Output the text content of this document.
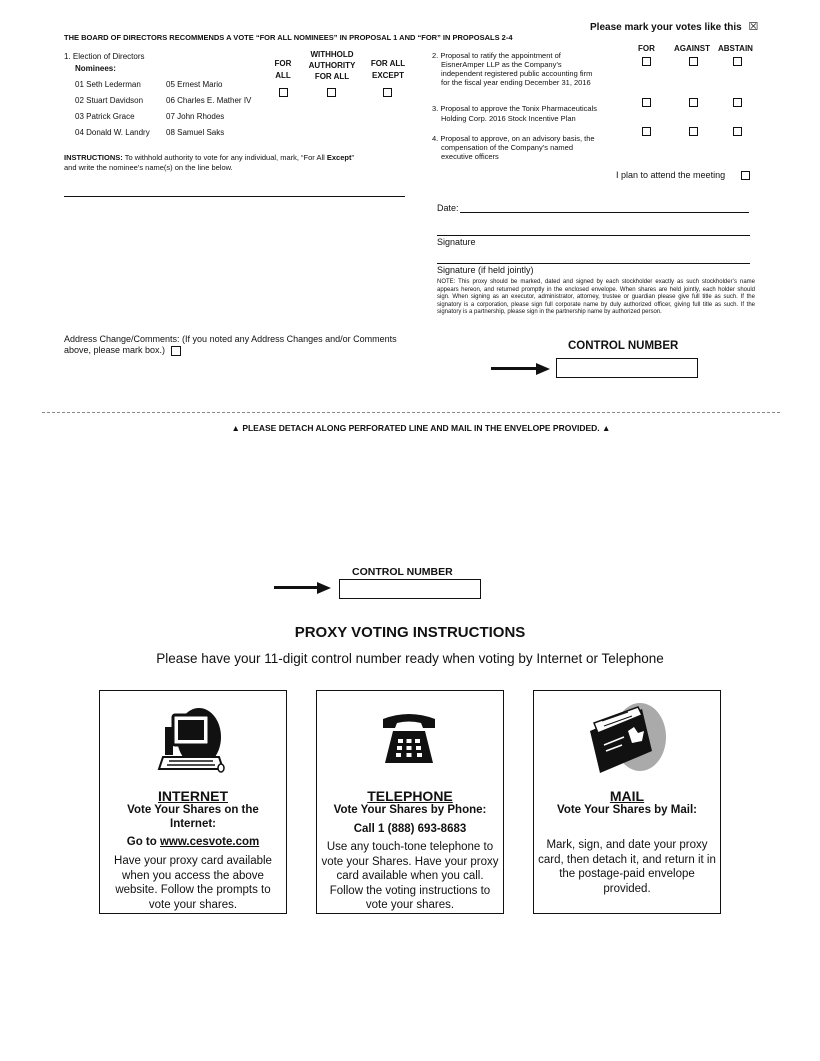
THE BOARD OF DIRECTORS RECOMMENDS A VOTE “FOR ALL NOMINEES” IN PROPOSAL 1 AND “FOR” IN PROPOSALS 2-4
Please mark your votes like this ☒
1. Election of Directors
Nominees:
01 Seth Lederman
02 Stuart Davidson
03 Patrick Grace
04 Donald W. Landry
05 Ernest Mario
06 Charles E. Mather IV
07 John Rhodes
08 Samuel Saks
FOR
ALL
WITHHOLD
AUTHORITY
FOR ALL
FOR ALL
EXCEPT
INSTRUCTIONS: To withhold authority to vote for any individual, mark, “For All Except”
and write the nominee’s name(s) on the line below.
FOR AGAINST ABSTAIN
2. Proposal to ratify the appointment of
EisnerAmper LLP as the Company’s
independent registered public accounting firm
for the fiscal year ending December 31, 2016
3. Proposal to approve the Tonix Pharmaceuticals
Holding Corp. 2016 Stock Incentive Plan
4. Proposal to approve, on an advisory basis, the
compensation of the Company’s named
executive officers
I plan to attend the meeting
Date:
Signature
Signature (if held jointly)
NOTE: This proxy should be marked, dated and signed by each stockholder exactly as such stockholder’s name appears hereon, and returned promptly in the enclosed envelope. When shares are held jointly, each holder should sign. When signing as an executor, administrator, attorney, trustee or guardian please give full title as such. If the signatory is a corporation, please sign full corporate name by duly authorized officer, giving full title as such. If the signatory is a partnership, please sign in the partnership name by authorized person.
Address Change/Comments: (If you noted any Address Changes and/or Comments
above, please mark box.)	CONTROL NUMBER
▲ PLEASE DETACH ALONG PERFORATED LINE AND MAIL IN THE ENVELOPE PROVIDED. ▲
CONTROL NUMBER
PROXY VOTING INSTRUCTIONS
Please have your 11-digit control number ready when voting by Internet or Telephone
INTERNET
Vote Your Shares on the Internet:
Go to www.cesvote.com
Have your proxy card available when you access the above website. Follow the prompts to vote your shares.
TELEPHONE
Vote Your Shares by Phone:
Call 1 (888) 693-8683
Use any touch-tone telephone to vote your Shares. Have your proxy card available when you call. Follow the voting instructions to vote your shares.
MAIL
Vote Your Shares by Mail:
Mark, sign, and date your proxy card, then detach it, and return it in the postage-paid envelope provided.
